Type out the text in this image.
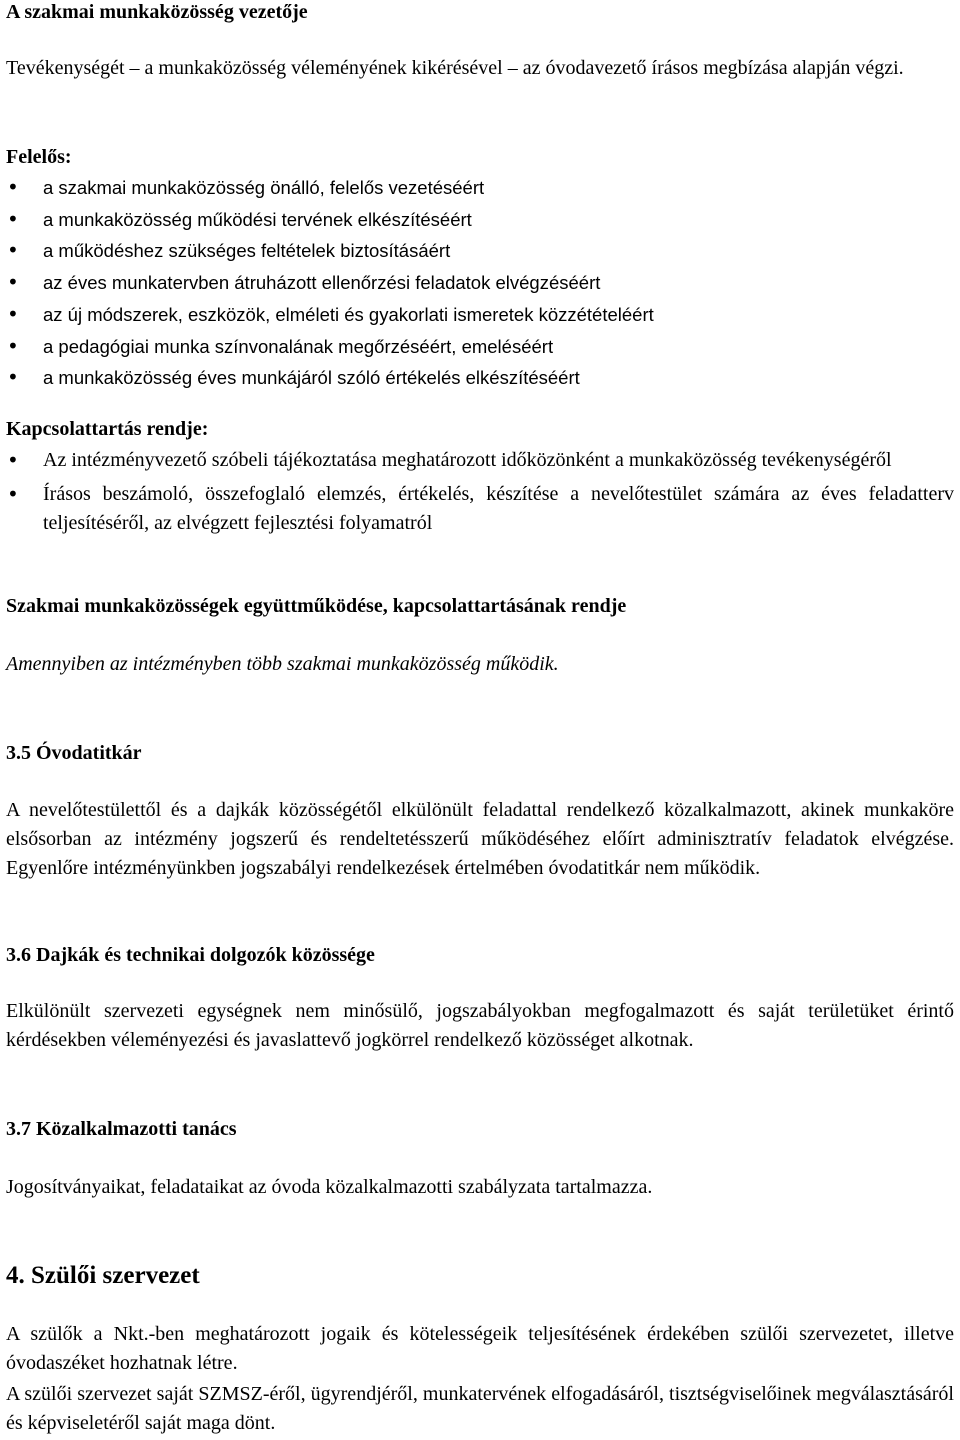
A szakmai munkaközösség vezetője

Tevékenységét – a munkaközösség véleményének kikérésével – az óvodavezető írásos megbízása alapján végzi.

Felelős:

• a szakmai munkaközösség önálló, felelős vezetéséért
• a munkaközösség működési tervének elkészítéséért
• a működéshez szükséges feltételek biztosításáért
• az éves munkatervben átruházott ellenőrzési feladatok elvégzéséért
• az új módszerek, eszközök, elméleti és gyakorlati ismeretek közzétételéért
• a pedagógiai munka színvonalának megőrzéséért, emeléséért
• a munkaközösség éves munkájáról szóló értékelés elkészítéséért

Kapcsolattartás rendje:

• Az intézményvezető szóbeli tájékoztatása meghatározott időközönként a munkaközösség tevékenységéről
• Írásos beszámoló, összefoglaló elemzés, értékelés, készítése a nevelőtestület számára az éves feladatterv teljesítéséről, az elvégzett fejlesztési folyamatról

Szakmai munkaközösségek együttműködése, kapcsolattartásának rendje

Amennyiben az intézményben több szakmai munkaközösség működik.

3.5 Óvodatitkár

A nevelőtestülettől és a dajkák közösségétől elkülönült feladattal rendelkező közalkalmazott, akinek munkaköre elsősorban az intézmény jogszerű és rendeltetésszerű működéséhez előírt adminisztratív feladatok elvégzése. Egyenlőre intézményünkben jogszabályi rendelkezések értelmében óvodatitkár nem működik.

3.6 Dajkák és technikai dolgozók közössége

Elkülönült szervezeti egységnek nem minősülő, jogszabályokban megfogalmazott és saját területüket érintő kérdésekben véleményezési és javaslattevő jogkörrel rendelkező közösséget alkotnak.

3.7 Közalkalmazotti tanács

Jogosítványaikat, feladataikat az óvoda közalkalmazotti szabályzata tartalmazza.

4. Szülői szervezet

A szülők a Nkt.-ben meghatározott jogaik és kötelességeik teljesítésének érdekében szülői szervezetet, illetve óvodaszéket hozhatnak létre.

A szülői szervezet saját SZMSZ-éről, ügyrendjéről, munkatervének elfogadásáról, tisztségviselőinek megválasztásáról és képviseletéről saját maga dönt.
